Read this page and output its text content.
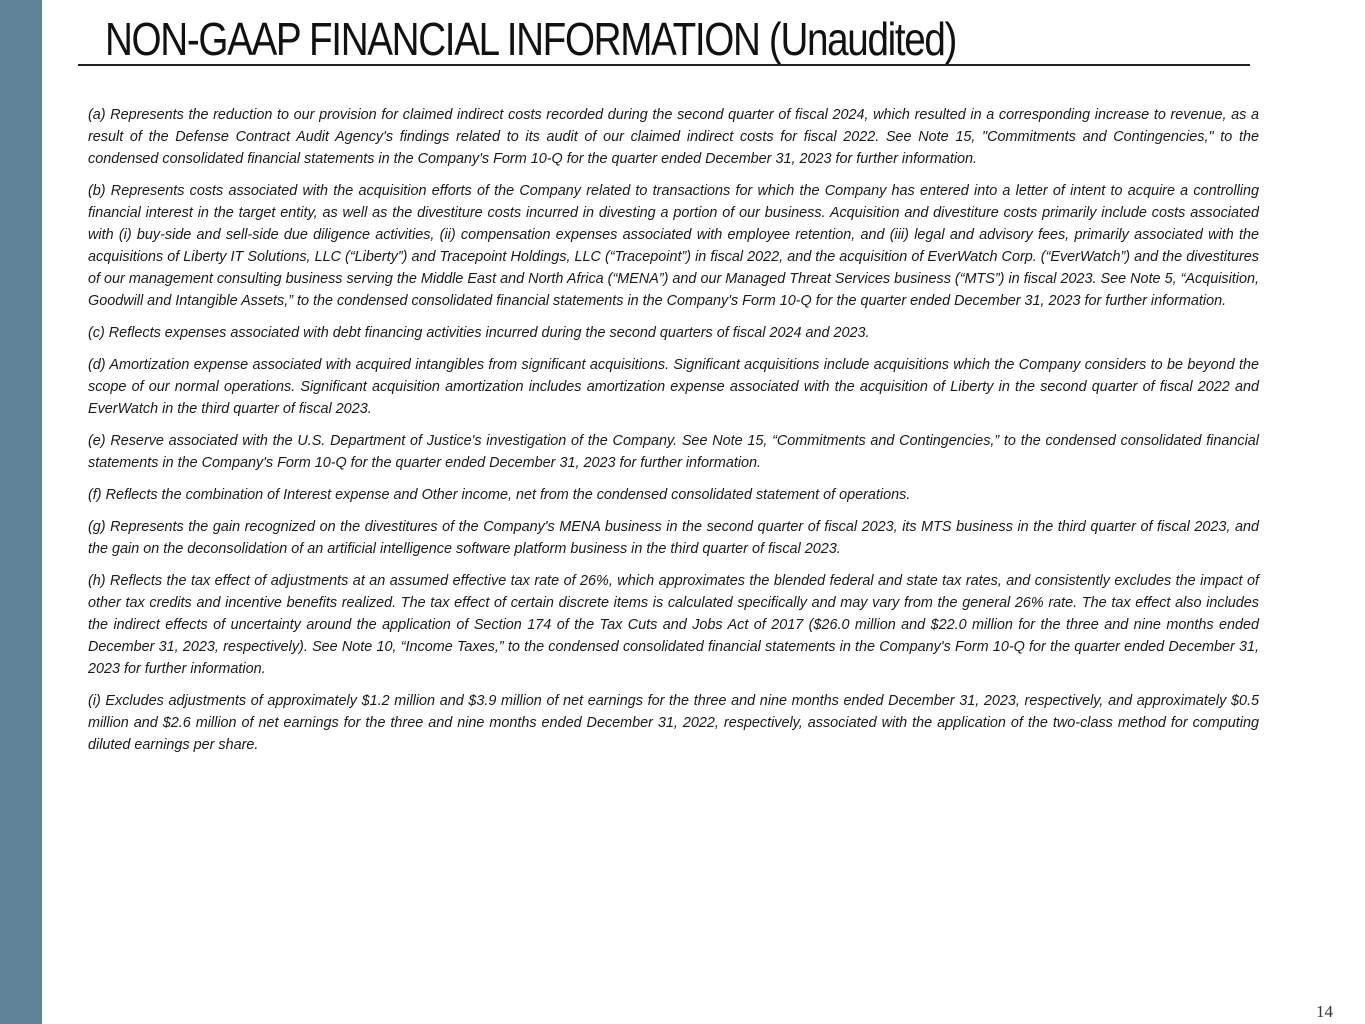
NON-GAAP FINANCIAL INFORMATION (Unaudited)

(a) Represents the reduction to our provision for claimed indirect costs recorded during the second quarter of fiscal 2024, which resulted in a corresponding increase to revenue, as a result of the Defense Contract Audit Agency's findings related to its audit of our claimed indirect costs for fiscal 2022. See Note 15, "Commitments and Contingencies," to the condensed consolidated financial statements in the Company's Form 10-Q for the quarter ended December 31, 2023 for further information.

(b) Represents costs associated with the acquisition efforts of the Company related to transactions for which the Company has entered into a letter of intent to acquire a controlling financial interest in the target entity, as well as the divestiture costs incurred in divesting a portion of our business. Acquisition and divestiture costs primarily include costs associated with (i) buy-side and sell-side due diligence activities, (ii) compensation expenses associated with employee retention, and (iii) legal and advisory fees, primarily associated with the acquisitions of Liberty IT Solutions, LLC (“Liberty”) and Tracepoint Holdings, LLC (“Tracepoint”) in fiscal 2022, and the acquisition of EverWatch Corp. (“EverWatch”) and the divestitures of our management consulting business serving the Middle East and North Africa (“MENA”) and our Managed Threat Services business (“MTS”) in fiscal 2023. See Note 5, “Acquisition, Goodwill and Intangible Assets,” to the condensed consolidated financial statements in the Company's Form 10-Q for the quarter ended December 31, 2023 for further information.

(c) Reflects expenses associated with debt financing activities incurred during the second quarters of fiscal 2024 and 2023.

(d) Amortization expense associated with acquired intangibles from significant acquisitions. Significant acquisitions include acquisitions which the Company considers to be beyond the scope of our normal operations. Significant acquisition amortization includes amortization expense associated with the acquisition of Liberty in the second quarter of fiscal 2022 and EverWatch in the third quarter of fiscal 2023.

(e) Reserve associated with the U.S. Department of Justice's investigation of the Company. See Note 15, “Commitments and Contingencies,” to the condensed consolidated financial statements in the Company's Form 10-Q for the quarter ended December 31, 2023 for further information.

(f) Reflects the combination of Interest expense and Other income, net from the condensed consolidated statement of operations.

(g) Represents the gain recognized on the divestitures of the Company's MENA business in the second quarter of fiscal 2023, its MTS business in the third quarter of fiscal 2023, and the gain on the deconsolidation of an artificial intelligence software platform business in the third quarter of fiscal 2023.

(h) Reflects the tax effect of adjustments at an assumed effective tax rate of 26%, which approximates the blended federal and state tax rates, and consistently excludes the impact of other tax credits and incentive benefits realized. The tax effect of certain discrete items is calculated specifically and may vary from the general 26% rate. The tax effect also includes the indirect effects of uncertainty around the application of Section 174 of the Tax Cuts and Jobs Act of 2017 ($26.0 million and $22.0 million for the three and nine months ended December 31, 2023, respectively). See Note 10, “Income Taxes,” to the condensed consolidated financial statements in the Company's Form 10-Q for the quarter ended December 31, 2023 for further information.

(i) Excludes adjustments of approximately $1.2 million and $3.9 million of net earnings for the three and nine months ended December 31, 2023, respectively, and approximately $0.5 million and $2.6 million of net earnings for the three and nine months ended December 31, 2022, respectively, associated with the application of the two-class method for computing diluted earnings per share.

14
